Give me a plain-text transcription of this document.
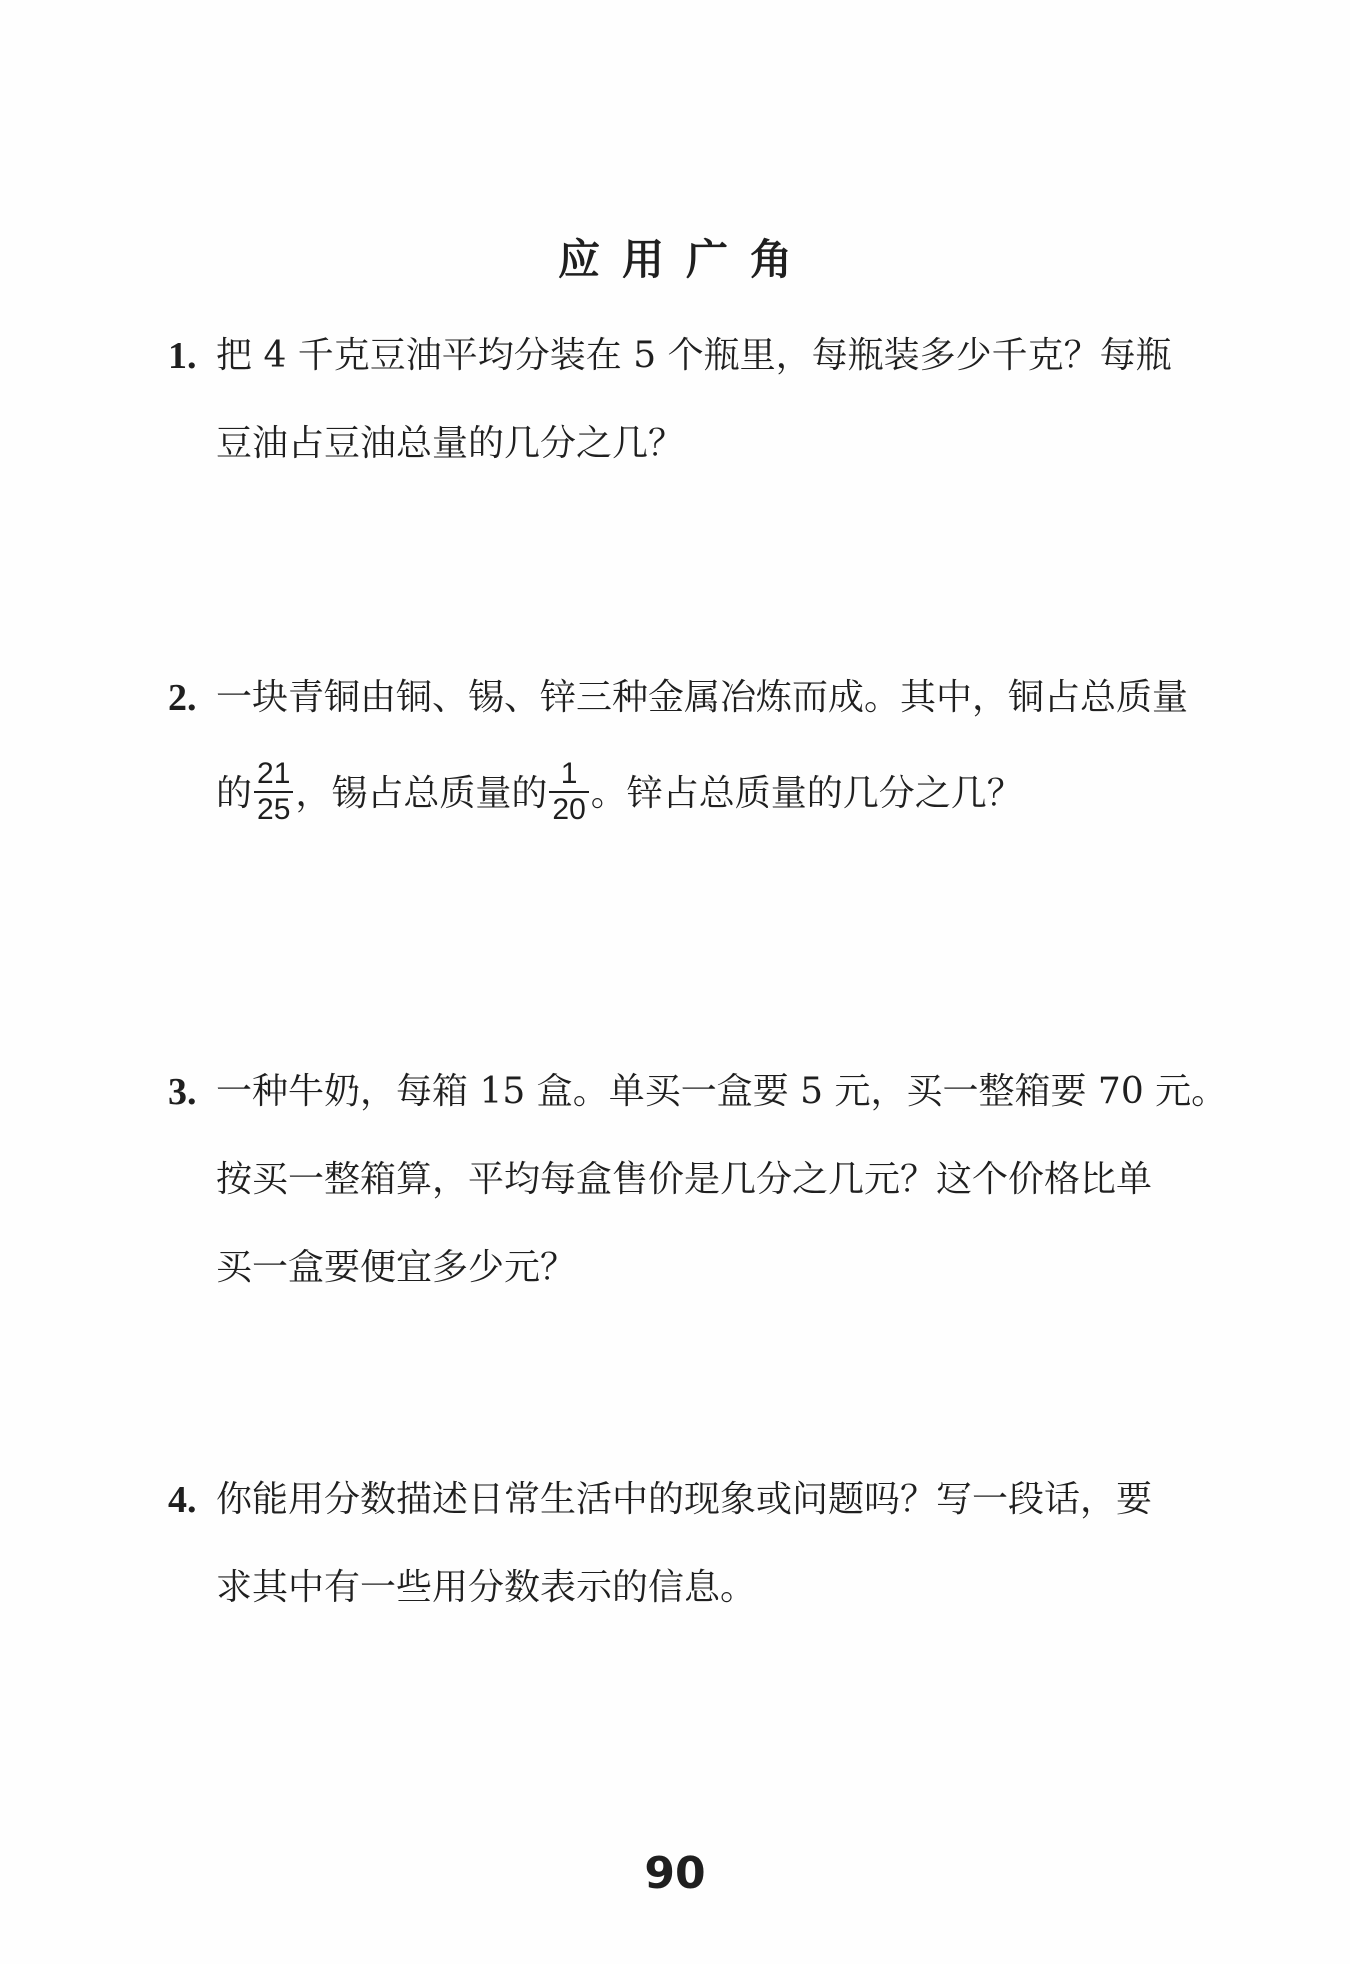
应用广角
1. 把 4 千克豆油平均分装在 5 个瓶里，每瓶装多少千克？每瓶
豆油占豆油总量的几分之几？
2. 一块青铜由铜、锡、锌三种金属冶炼而成。其中，铜占总质量
的 $\frac{21}{25}$ ，锡占总质量的 $\frac{1}{20}$ 。锌占总质量的几分之几？
3. 一种牛奶，每箱 15 盒。单买一盒要 5 元，买一整箱要 70 元。
按买一整箱算，平均每盒售价是几分之几元？这个价格比单
买一盒要便宜多少元？
4. 你能用分数描述日常生活中的现象或问题吗？写一段话，要
求其中有一些用分数表示的信息。
90
